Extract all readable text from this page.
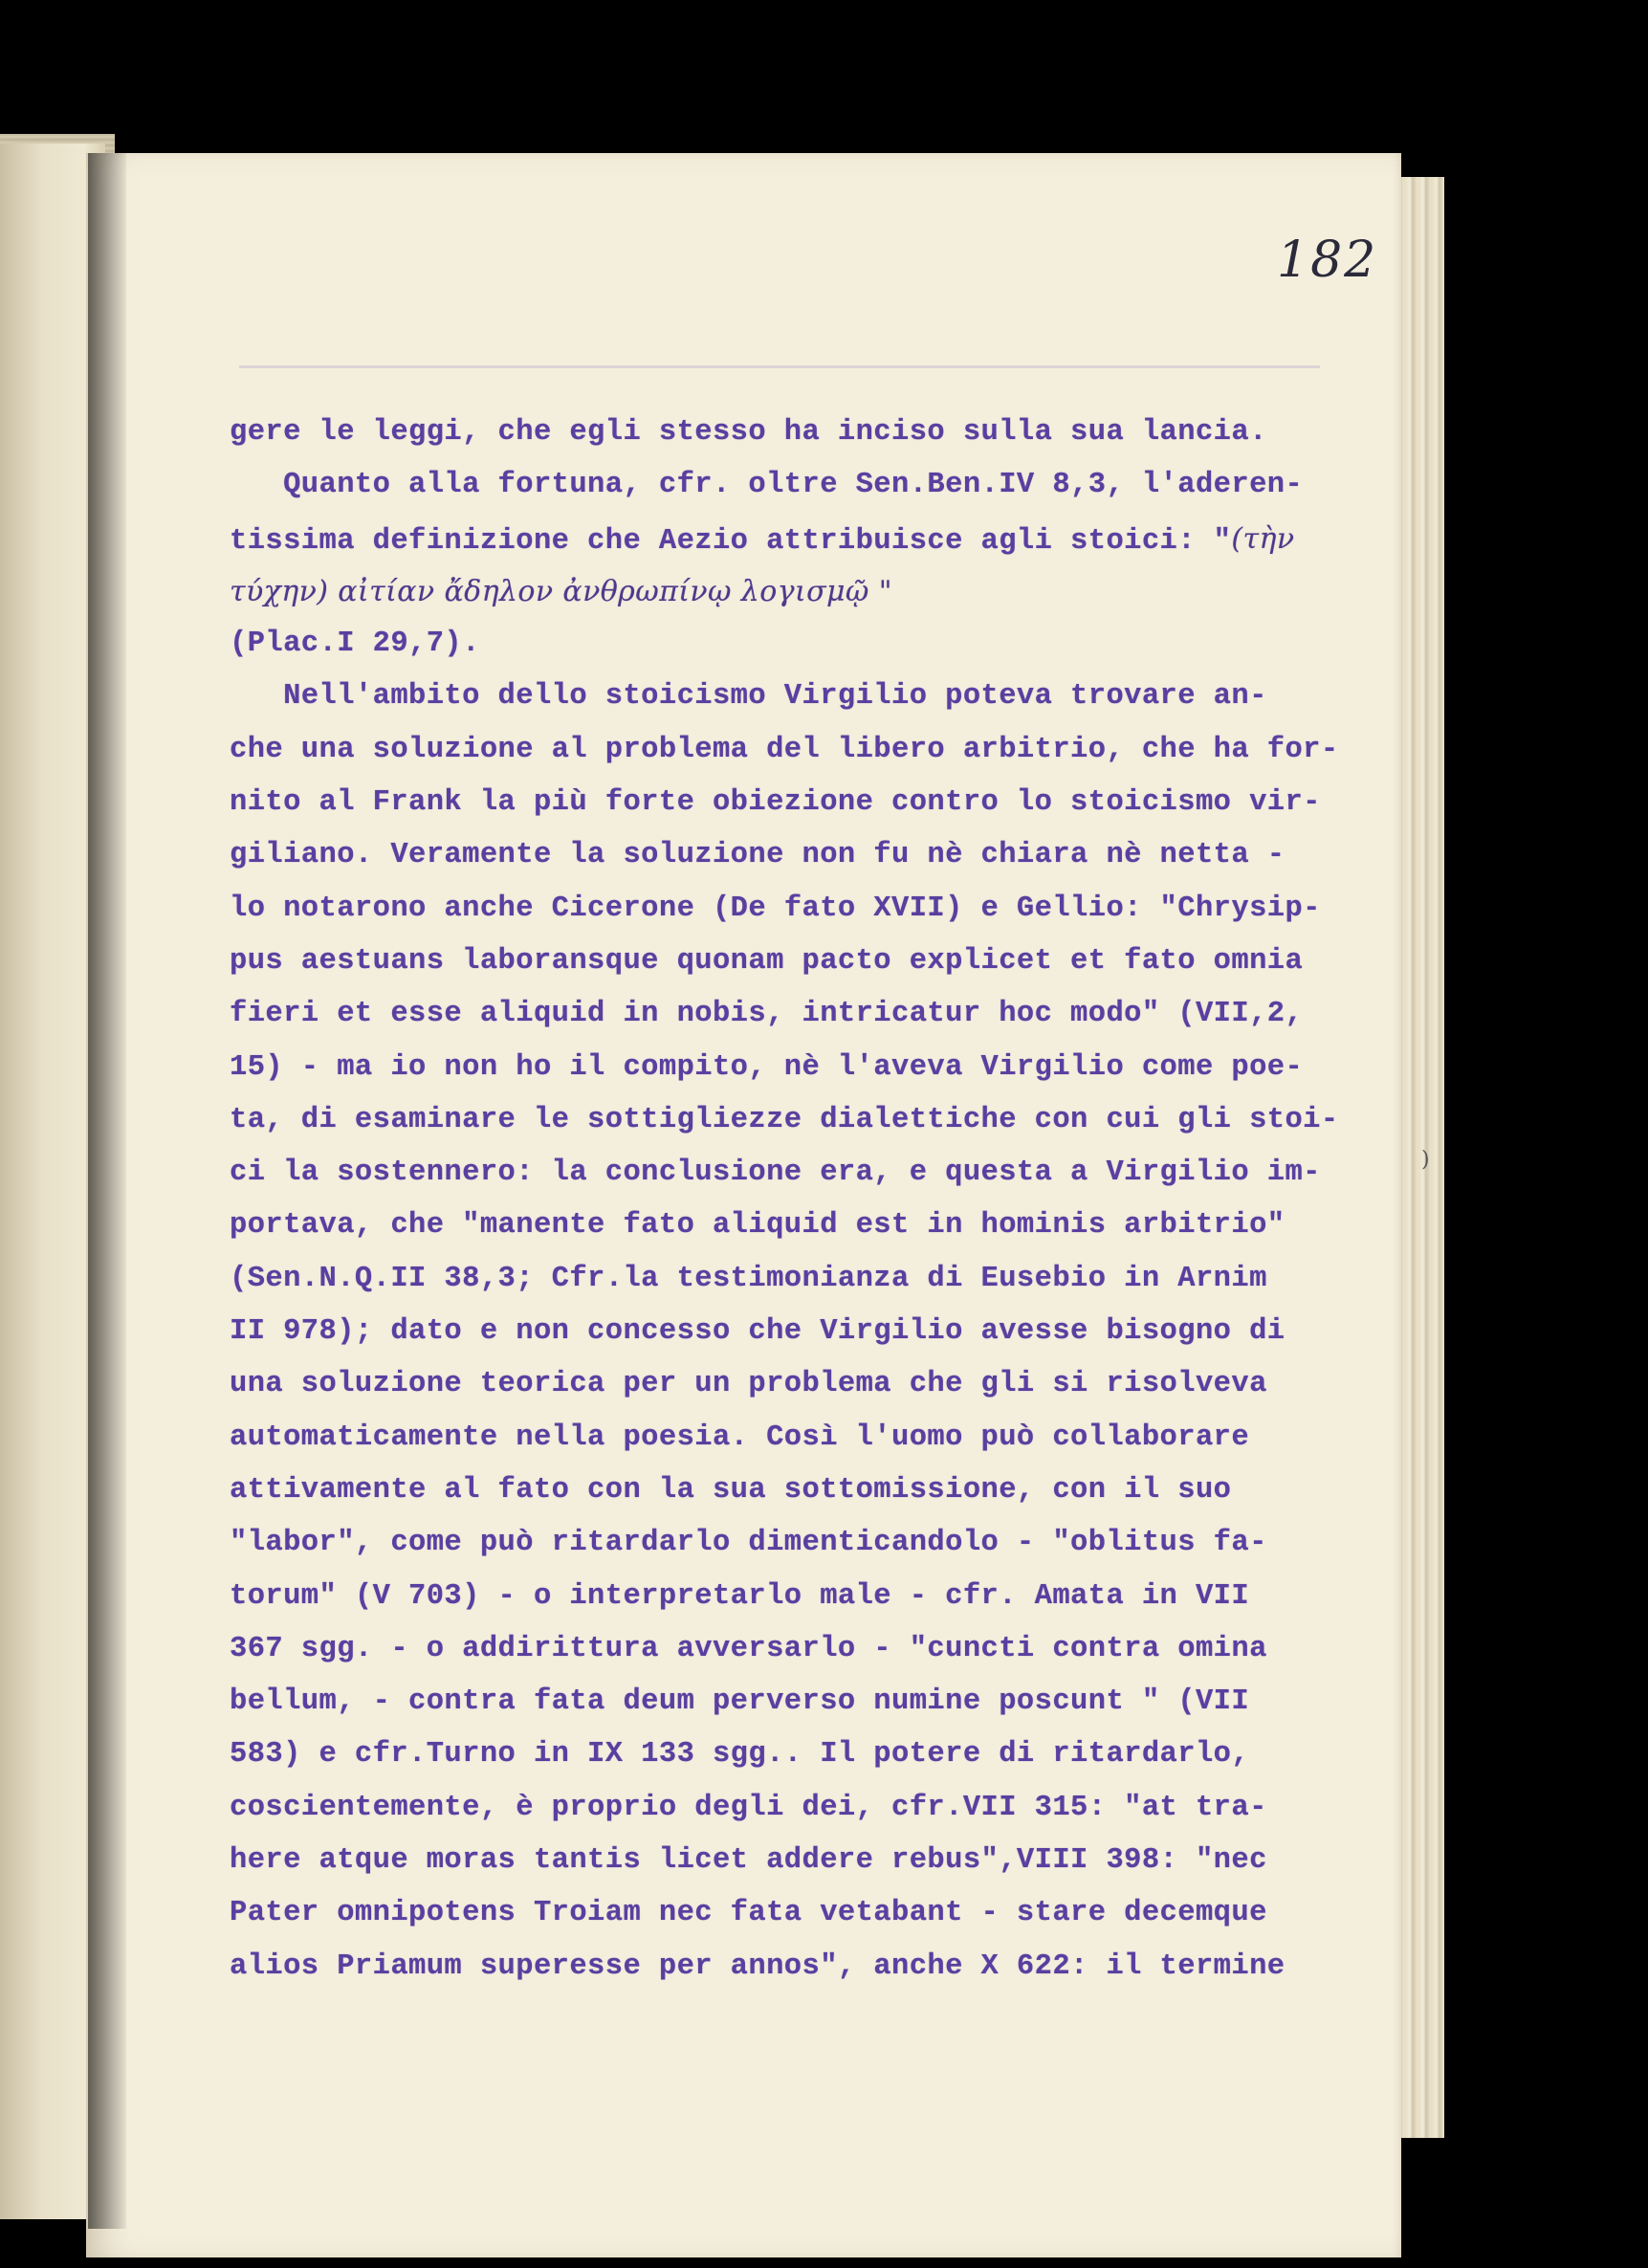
182
gere le leggi, che egli stesso ha inciso sulla sua lancia.
Quanto alla fortuna, cfr. oltre Sen.Ben.IV 8,3, l'aderen-
tissima definizione che Aezio attribuisce agli stoici: "(τὴν
τύχην) αἰτίαν ἄδηλον ἀνθρωπίνῳ λογισμῷ "
(Plac.I 29,7).
Nell'ambito dello stoicismo Virgilio poteva trovare an-
che una soluzione al problema del libero arbitrio, che ha for-
nito al Frank la più forte obiezione contro lo stoicismo vir-
giliano. Veramente la soluzione non fu nè chiara nè netta -
lo notarono anche Cicerone (De fato XVII) e Gellio: "Chrysip-
pus aestuans laboransque quonam pacto explicet et fato omnia
fieri et esse aliquid in nobis, intricatur hoc modo" (VII,2,
15) - ma io non ho il compito, nè l'aveva Virgilio come poe-
ta, di esaminare le sottigliezze dialettiche con cui gli stoi-
ci la sostennero: la conclusione era, e questa a Virgilio im-
portava, che "manente fato aliquid est in hominis arbitrio"
(Sen.N.Q.II 38,3; Cfr.la testimonianza di Eusebio in Arnim
II 978); dato e non concesso che Virgilio avesse bisogno di
una soluzione teorica per un problema che gli si risolveva
automaticamente nella poesia. Così l'uomo può collaborare
attivamente al fato con la sua sottomissione, con il suo
"labor", come può ritardarlo dimenticandolo - "oblitus fa-
torum" (V 703) - o interpretarlo male - cfr. Amata in VII
367 sgg. - o addirittura avversarlo - "cuncti contra omina
bellum, - contra fata deum perverso numine poscunt " (VII
583) e cfr.Turno in IX 133 sgg.. Il potere di ritardarlo,
coscientemente, è proprio degli dei, cfr.VII 315: "at tra-
here atque moras tantis licet addere rebus",VIII 398: "nec
Pater omnipotens Troiam nec fata vetabant - stare decemque
alios Priamum superesse per annos", anche X 622: il termine
)
